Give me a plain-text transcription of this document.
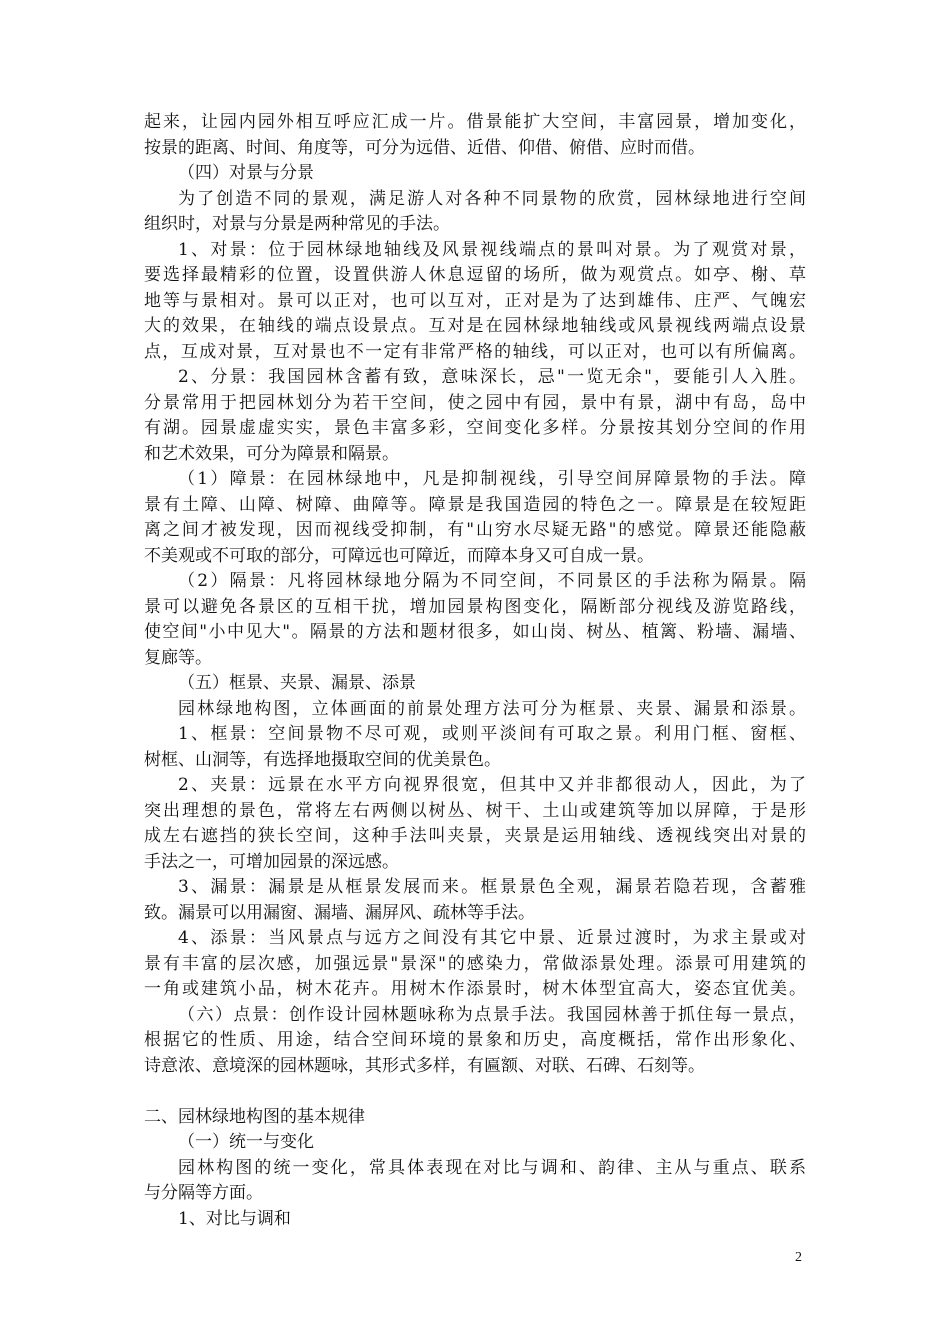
起来，让园内园外相互呼应汇成一片。借景能扩大空间，丰富园景，增加变化，
按景的距离、时间、角度等，可分为远借、近借、仰借、俯借、应时而借。
（四）对景与分景
为了创造不同的景观，满足游人对各种不同景物的欣赏，园林绿地进行空间
组织时，对景与分景是两种常见的手法。
1、对景：位于园林绿地轴线及风景视线端点的景叫对景。为了观赏对景，
要选择最精彩的位置，设置供游人休息逗留的场所，做为观赏点。如亭、榭、草
地等与景相对。景可以正对，也可以互对，正对是为了达到雄伟、庄严、气魄宏
大的效果，在轴线的端点设景点。互对是在园林绿地轴线或风景视线两端点设景
点，互成对景，互对景也不一定有非常严格的轴线，可以正对，也可以有所偏离。
2、分景：我国园林含蓄有致，意味深长，忌"一览无余"，要能引人入胜。
分景常用于把园林划分为若干空间，使之园中有园，景中有景，湖中有岛，岛中
有湖。园景虚虚实实，景色丰富多彩，空间变化多样。分景按其划分空间的作用
和艺术效果，可分为障景和隔景。
（1）障景：在园林绿地中，凡是抑制视线，引导空间屏障景物的手法。障
景有土障、山障、树障、曲障等。障景是我国造园的特色之一。障景是在较短距
离之间才被发现，因而视线受抑制，有"山穷水尽疑无路"的感觉。障景还能隐蔽
不美观或不可取的部分，可障远也可障近，而障本身又可自成一景。
（2）隔景：凡将园林绿地分隔为不同空间，不同景区的手法称为隔景。隔
景可以避免各景区的互相干扰，增加园景构图变化，隔断部分视线及游览路线，
使空间"小中见大"。隔景的方法和题材很多，如山岗、树丛、植篱、粉墙、漏墙、
复廊等。
（五）框景、夹景、漏景、添景
园林绿地构图，立体画面的前景处理方法可分为框景、夹景、漏景和添景。
1、框景：空间景物不尽可观，或则平淡间有可取之景。利用门框、窗框、
树框、山洞等，有选择地摄取空间的优美景色。
2、夹景：远景在水平方向视界很宽，但其中又并非都很动人，因此，为了
突出理想的景色，常将左右两侧以树丛、树干、土山或建筑等加以屏障，于是形
成左右遮挡的狭长空间，这种手法叫夹景，夹景是运用轴线、透视线突出对景的
手法之一，可增加园景的深远感。
3、漏景：漏景是从框景发展而来。框景景色全观，漏景若隐若现，含蓄雅
致。漏景可以用漏窗、漏墙、漏屏风、疏林等手法。
4、添景：当风景点与远方之间没有其它中景、近景过渡时，为求主景或对
景有丰富的层次感，加强远景"景深"的感染力，常做添景处理。添景可用建筑的
一角或建筑小品，树木花卉。用树木作添景时，树木体型宜高大，姿态宜优美。
（六）点景：创作设计园林题咏称为点景手法。我国园林善于抓住每一景点，
根据它的性质、用途，结合空间环境的景象和历史，高度概括，常作出形象化、
诗意浓、意境深的园林题咏，其形式多样，有匾额、对联、石碑、石刻等。
二、园林绿地构图的基本规律
（一）统一与变化
园林构图的统一变化，常具体表现在对比与调和、韵律、主从与重点、联系
与分隔等方面。
1、对比与调和
2
